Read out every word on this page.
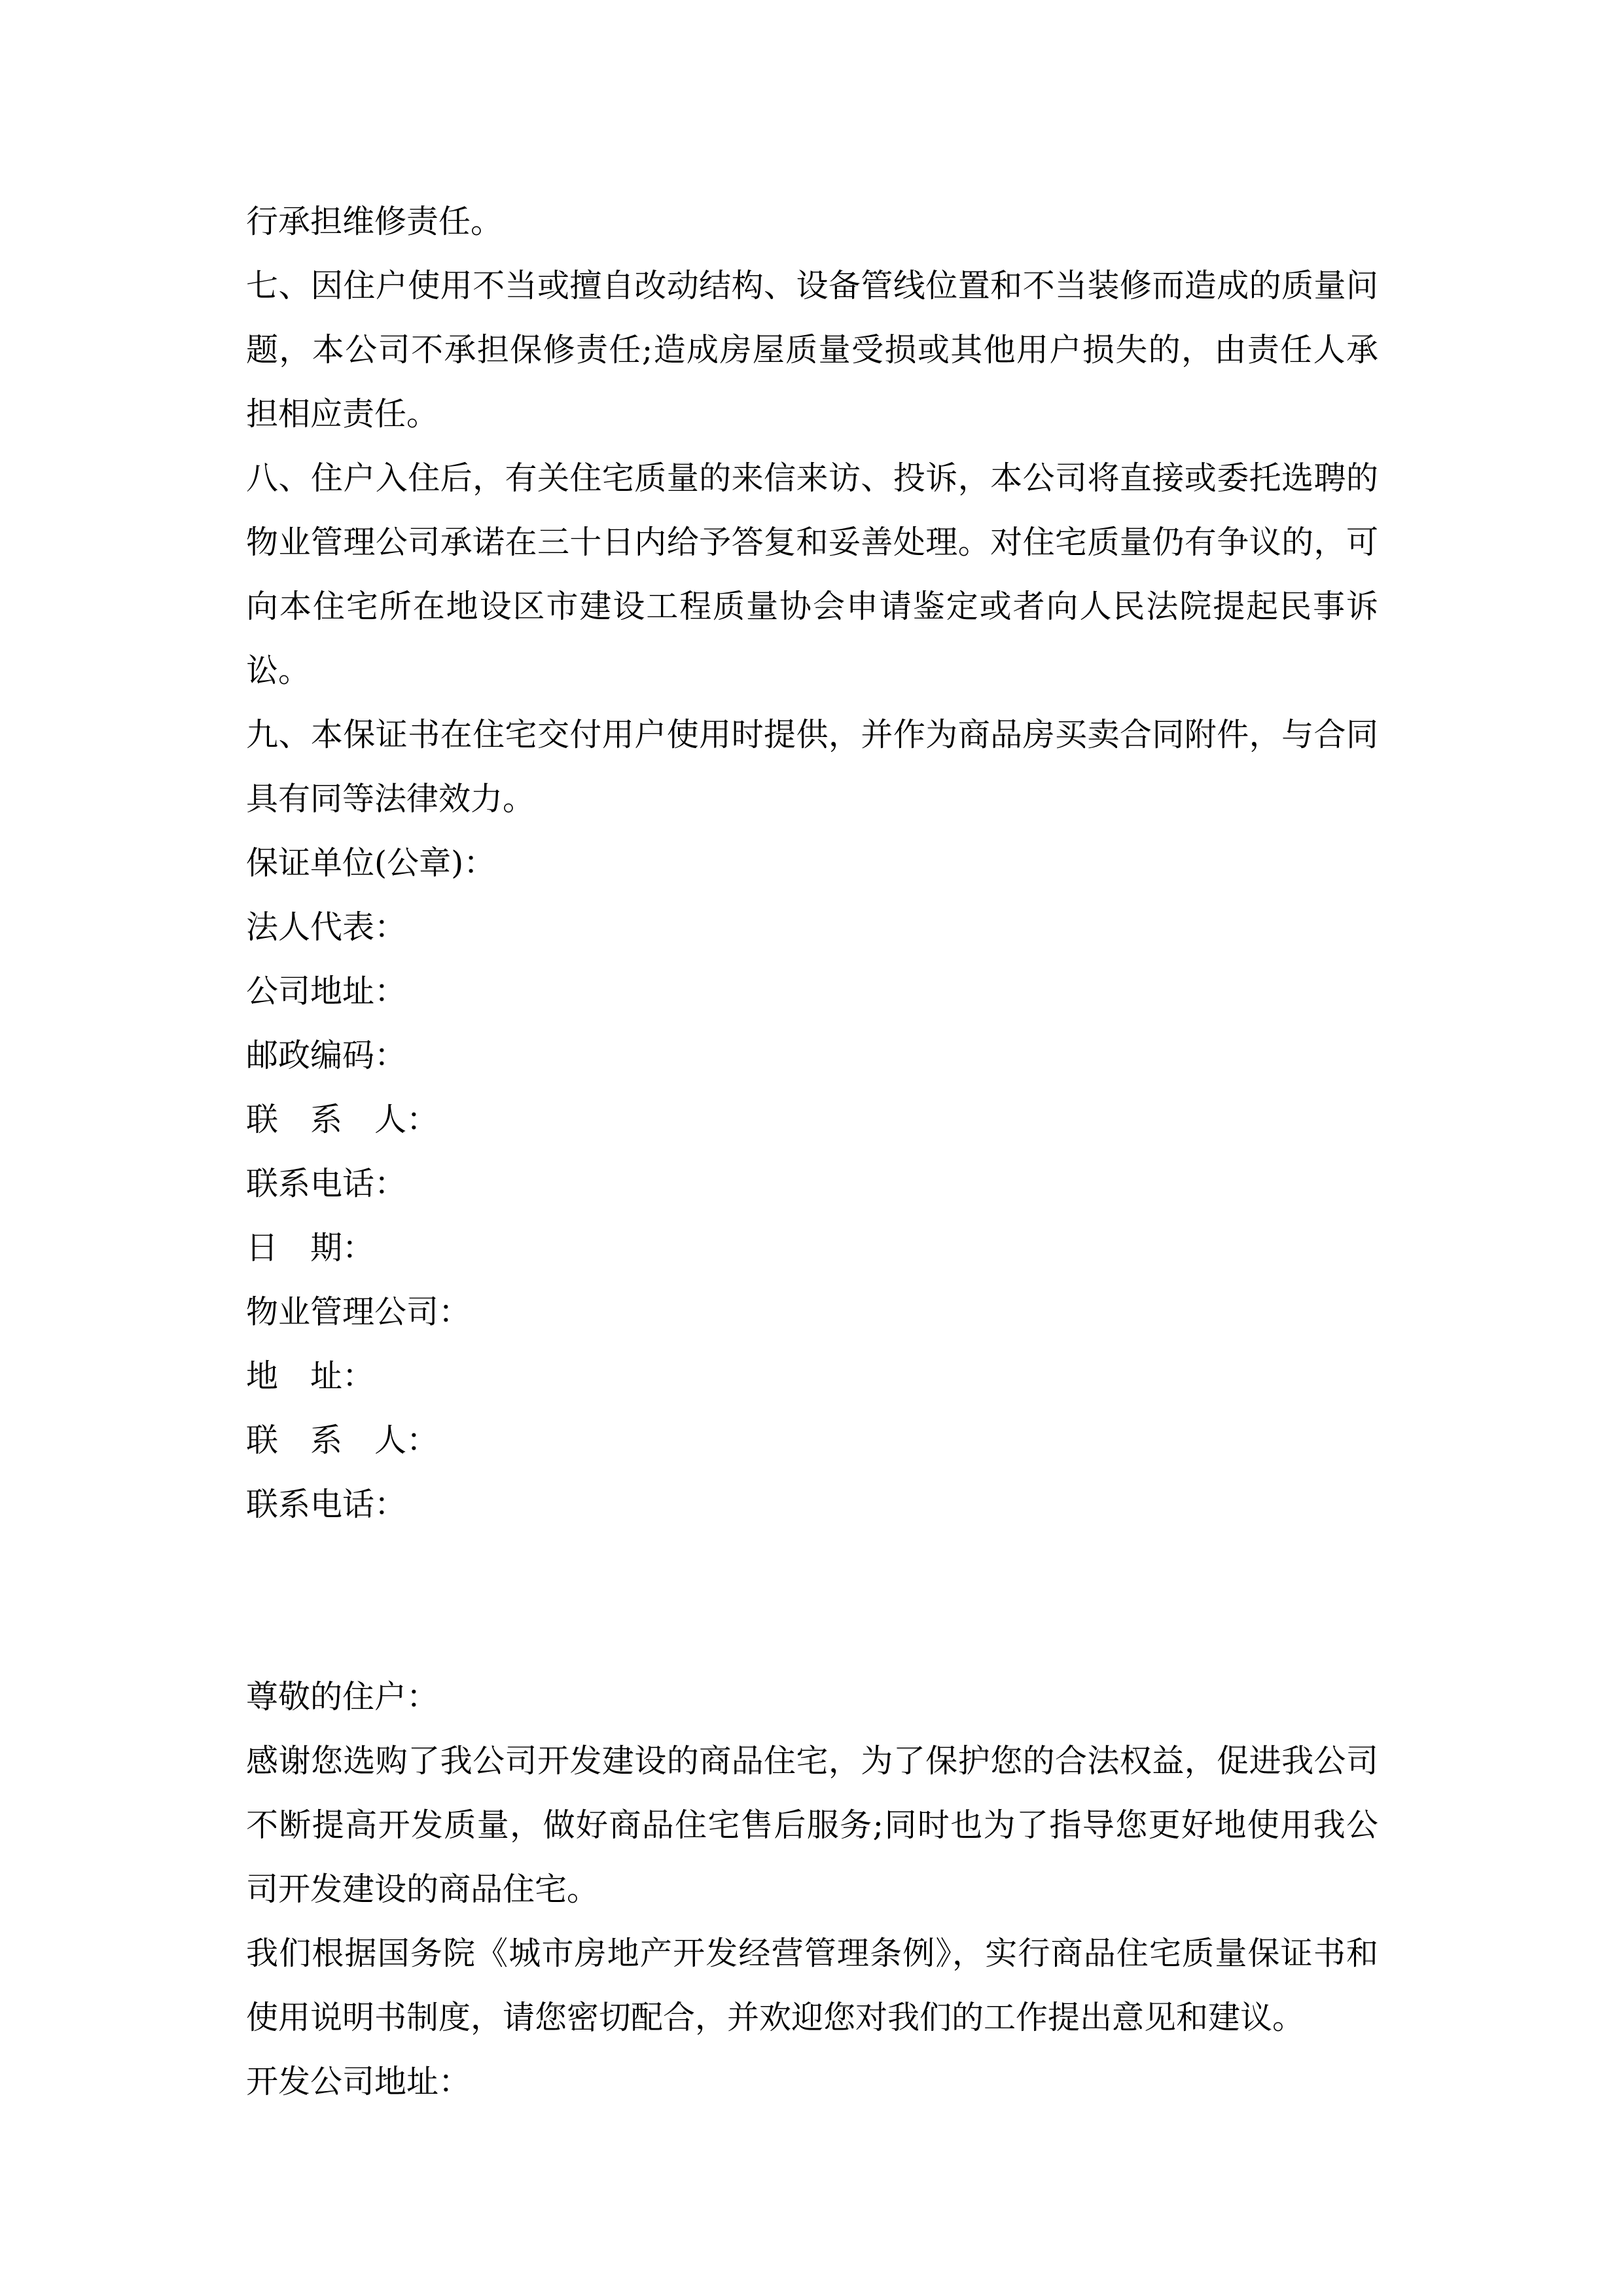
行承担维修责任。

七、因住户使用不当或擅自改动结构、设备管线位置和不当装修而造成的质量问题，本公司不承担保修责任;造成房屋质量受损或其他用户损失的，由责任人承担相应责任。

八、住户入住后，有关住宅质量的来信来访、投诉，本公司将直接或委托选聘的物业管理公司承诺在三十日内给予答复和妥善处理。对住宅质量仍有争议的，可向本住宅所在地设区市建设工程质量协会申请鉴定或者向人民法院提起民事诉讼。

九、本保证书在住宅交付用户使用时提供，并作为商品房买卖合同附件，与合同具有同等法律效力。

保证单位(公章)：

法人代表：

公司地址：

邮政编码：

联　系　人：

联系电话：

日　期：

物业管理公司：

地　址：

联　系　人：

联系电话：

尊敬的住户：

感谢您选购了我公司开发建设的商品住宅，为了保护您的合法权益，促进我公司不断提高开发质量，做好商品住宅售后服务;同时也为了指导您更好地使用我公司开发建设的商品住宅。

我们根据国务院《城市房地产开发经营管理条例》，实行商品住宅质量保证书和使用说明书制度，请您密切配合，并欢迎您对我们的工作提出意见和建议。

开发公司地址：
